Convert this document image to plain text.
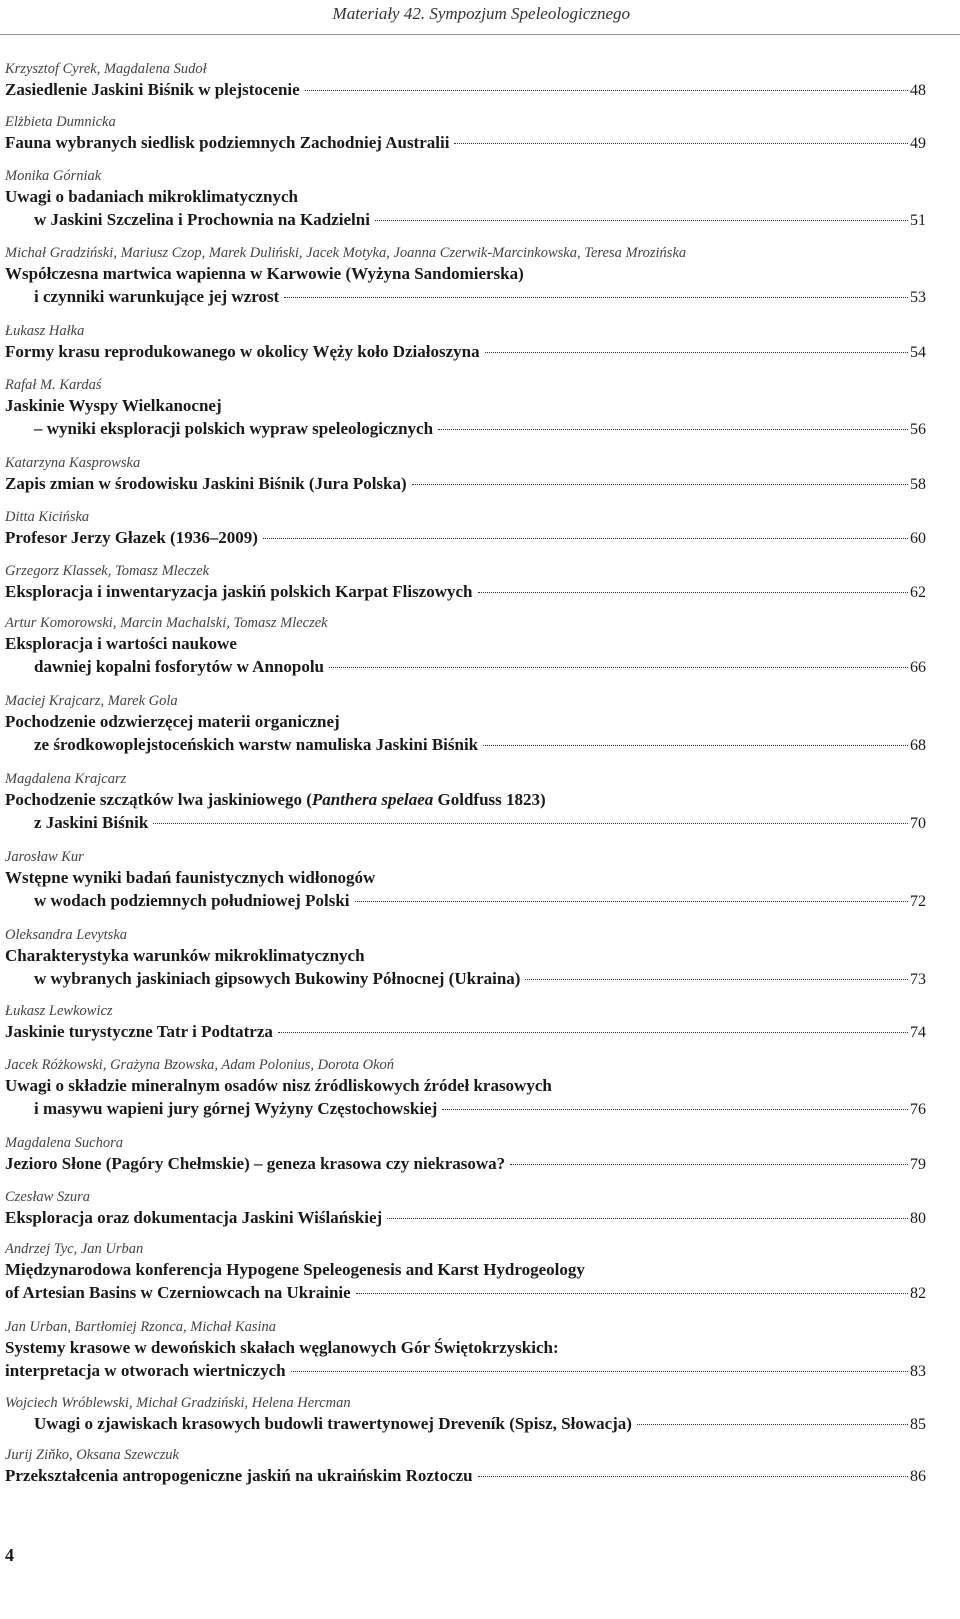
Materiały 42. Sympozjum Speleologicznego
Krzysztof Cyrek, Magdalena Sudoł
Zasiedlenie Jaskini Biśnik w plejstocenie	48
Elżbieta Dumnicka
Fauna wybranych siedlisk podziemnych Zachodniej Australii	49
Monika Górniak
Uwagi o badaniach mikroklimatycznych
w Jaskini Szczelina i Prochownia na Kadzielni	51
Michał Gradziński, Mariusz Czop, Marek Duliński, Jacek Motyka, Joanna Czerwik-Marcinkowska, Teresa Mrozińska
Współczesna martwica wapienna w Karwowie (Wyżyna Sandomierska)
i czynniki warunkujące jej wzrost	53
Łukasz Hałka
Formy krasu reprodukowanego w okolicy Węży koło Działoszyna	54
Rafał M. Kardaś
Jaskinie Wyspy Wielkanocnej
– wyniki eksploracji polskich wypraw speleologicznych	56
Katarzyna Kasprowska
Zapis zmian w środowisku Jaskini Biśnik (Jura Polska)	58
Ditta Kicińska
Profesor Jerzy Głazek (1936–2009)	60
Grzegorz Klassek, Tomasz Mleczek
Eksploracja i inwentaryzacja jaskiń polskich Karpat Fliszowych	62
Artur Komorowski, Marcin Machalski, Tomasz Mleczek
Eksploracja i wartości naukowe
dawniej kopalni fosforytów w Annopolu	66
Maciej Krajcarz, Marek Gola
Pochodzenie odzwierzęcej materii organicznej
ze środkowoplejstoceńskich warstw namuliska Jaskini Biśnik	68
Magdalena Krajcarz
Pochodzenie szczątków lwa jaskiniowego (Panthera spelaea Goldfuss 1823)
z Jaskini Biśnik	70
Jarosław Kur
Wstępne wyniki badań faunistycznych widłonogów
w wodach podziemnych południowej Polski	72
Oleksandra Levytska
Charakterystyka warunków mikroklimatycznych
w wybranych jaskiniach gipsowych Bukowiny Północnej (Ukraina)	73
Łukasz Lewkowicz
Jaskinie turystyczne Tatr i Podtatrza	74
Jacek Różkowski, Grażyna Bzowska, Adam Polonius, Dorota Okoń
Uwagi o składzie mineralnym osadów nisz źródliskowych źródeł krasowych
i masywu wapieni jury górnej Wyżyny Częstochowskiej	76
Magdalena Suchora
Jezioro Słone (Pagóry Chełmskie) – geneza krasowa czy niekrasowa?	79
Czesław Szura
Eksploracja oraz dokumentacja Jaskini Wiślańskiej	80
Andrzej Tyc, Jan Urban
Międzynarodowa konferencja Hypogene Speleogenesis and Karst Hydrogeology
of Artesian Basins w Czerniowcach na Ukrainie	82
Jan Urban, Bartłomiej Rzonca, Michał Kasina
Systemy krasowe w dewońskich skałach węglanowych Gór Świętokrzyskich:
interpretacja w otworach wiertniczych	83
Wojciech Wróblewski, Michał Gradziński, Helena Hercman
Uwagi o zjawiskach krasowych budowli trawertynowej Dreveník (Spisz, Słowacja)	85
Jurij Ziňko, Oksana Szewczuk
Przekształcenia antropogeniczne jaskiń na ukraińskim Roztoczu	86
4
